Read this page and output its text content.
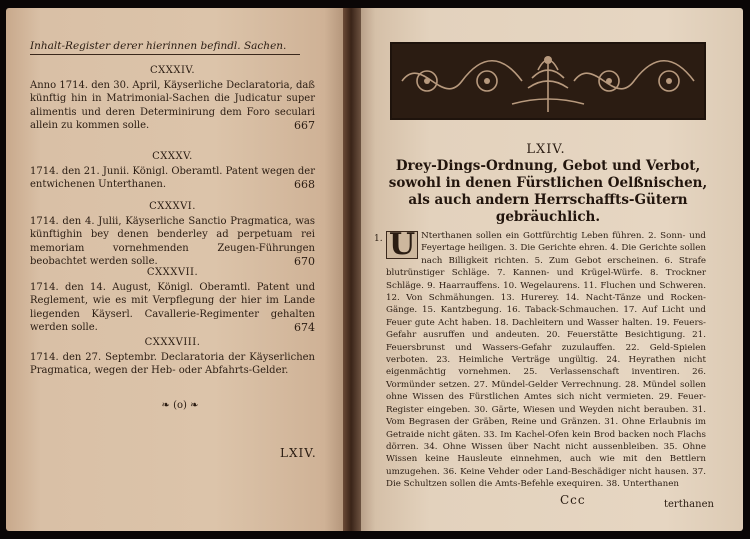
Inhalt-Register derer hierinnen befindl. Sachen.
CXXXIV.
Anno 1714. den 30. April, Käyserliche Declaratoria, daß künftig hin in Matrimonial-Sachen die Judicatur super alimentis und deren Determinirung dem Foro seculari allein zu kommen solle.	667
CXXXV.
1714. den 21. Junii. Königl. Oberamtl. Patent wegen der entwichenen Unterthanen.	668
CXXXVI.
1714. den 4. Julii, Käyserliche Sanctio Pragmatica, was künftighin bey denen benderley ad perpetuam rei memoriam vornehmenden Zeugen-Führungen beobachtet werden solle.	670
CXXXVII.
1714. den 14. August, Königl. Oberamtl. Patent und Reglement, wie es mit Verpflegung der hier im Lande liegenden Käyserl. Cavallerie-Regimenter gehalten werden solle.	674
CXXXVIII.
1714. den 27. Septembr. Declaratoria der Käyserlichen Pragmatica, wegen der Heb- oder Abfahrts-Gelder.
❧ (o) ❧
LXIV.
LXIV.
Drey-Dings-Ordnung, Gebot und Verbot, sowohl in denen Fürstlichen Oelßnischen, als auch andern Herrschaffts-Gütern gebräuchlich.
1. U Nterthanen sollen ein Gottfürchtig Leben führen. 2. Sonn- und Feyertage heiligen. 3. Die Gerichte ehren. 4. Die Gerichte sollen nach Billigkeit richten. 5. Zum Gebot erscheinen. 6. Strafe blutrünstiger Schläge. 7. Kannen- und Krügel-Würfe. 8. Trockner Schläge. 9. Haarrauffens. 10. Wegelaurens. 11. Fluchen und Schweren. 12. Von Schmähungen. 13. Hurerey. 14. Nacht-Tänze und Rocken-Gänge. 15. Kantzbegung. 16. Taback-Schmauchen. 17. Auf Licht und Feuer gute Acht haben. 18. Dachleitern und Wasser halten. 19. Feuers-Gefahr ausruffen und andeuten. 20. Feuerstätte Besichtigung. 21. Feuersbrunst und Wassers-Gefahr zuzulauffen. 22. Geld-Spielen verboten. 23. Heimliche Verträge ungültig. 24. Heyrathen nicht eigenmächtig vornehmen. 25. Verlassenschaft inventiren. 26. Vormünder setzen. 27. Mündel-Gelder Verrechnung. 28. Mündel sollen ohne Wissen des Fürstlichen Amtes sich nicht vermieten. 29. Feuer-Register eingeben. 30. Gärte, Wiesen und Weyden nicht berauben. 31. Vom Begrasen der Gräben, Reine und Gränzen. 31. Ohne Erlaubnis im Getraide nicht gäten. 33. Im Kachel-Ofen kein Brod backen noch Flachs dörren. 34. Ohne Wissen über Nacht nicht aussenbleiben. 35. Ohne Wissen keine Hausleute einnehmen, auch wie mit den Bettlern umzugehen. 36. Keine Vehder oder Land-Beschädiger nicht hausen. 37. Die Schultzen sollen die Amts-Befehle exequiren. 38. Unterthanen
Ccc	terthanen
